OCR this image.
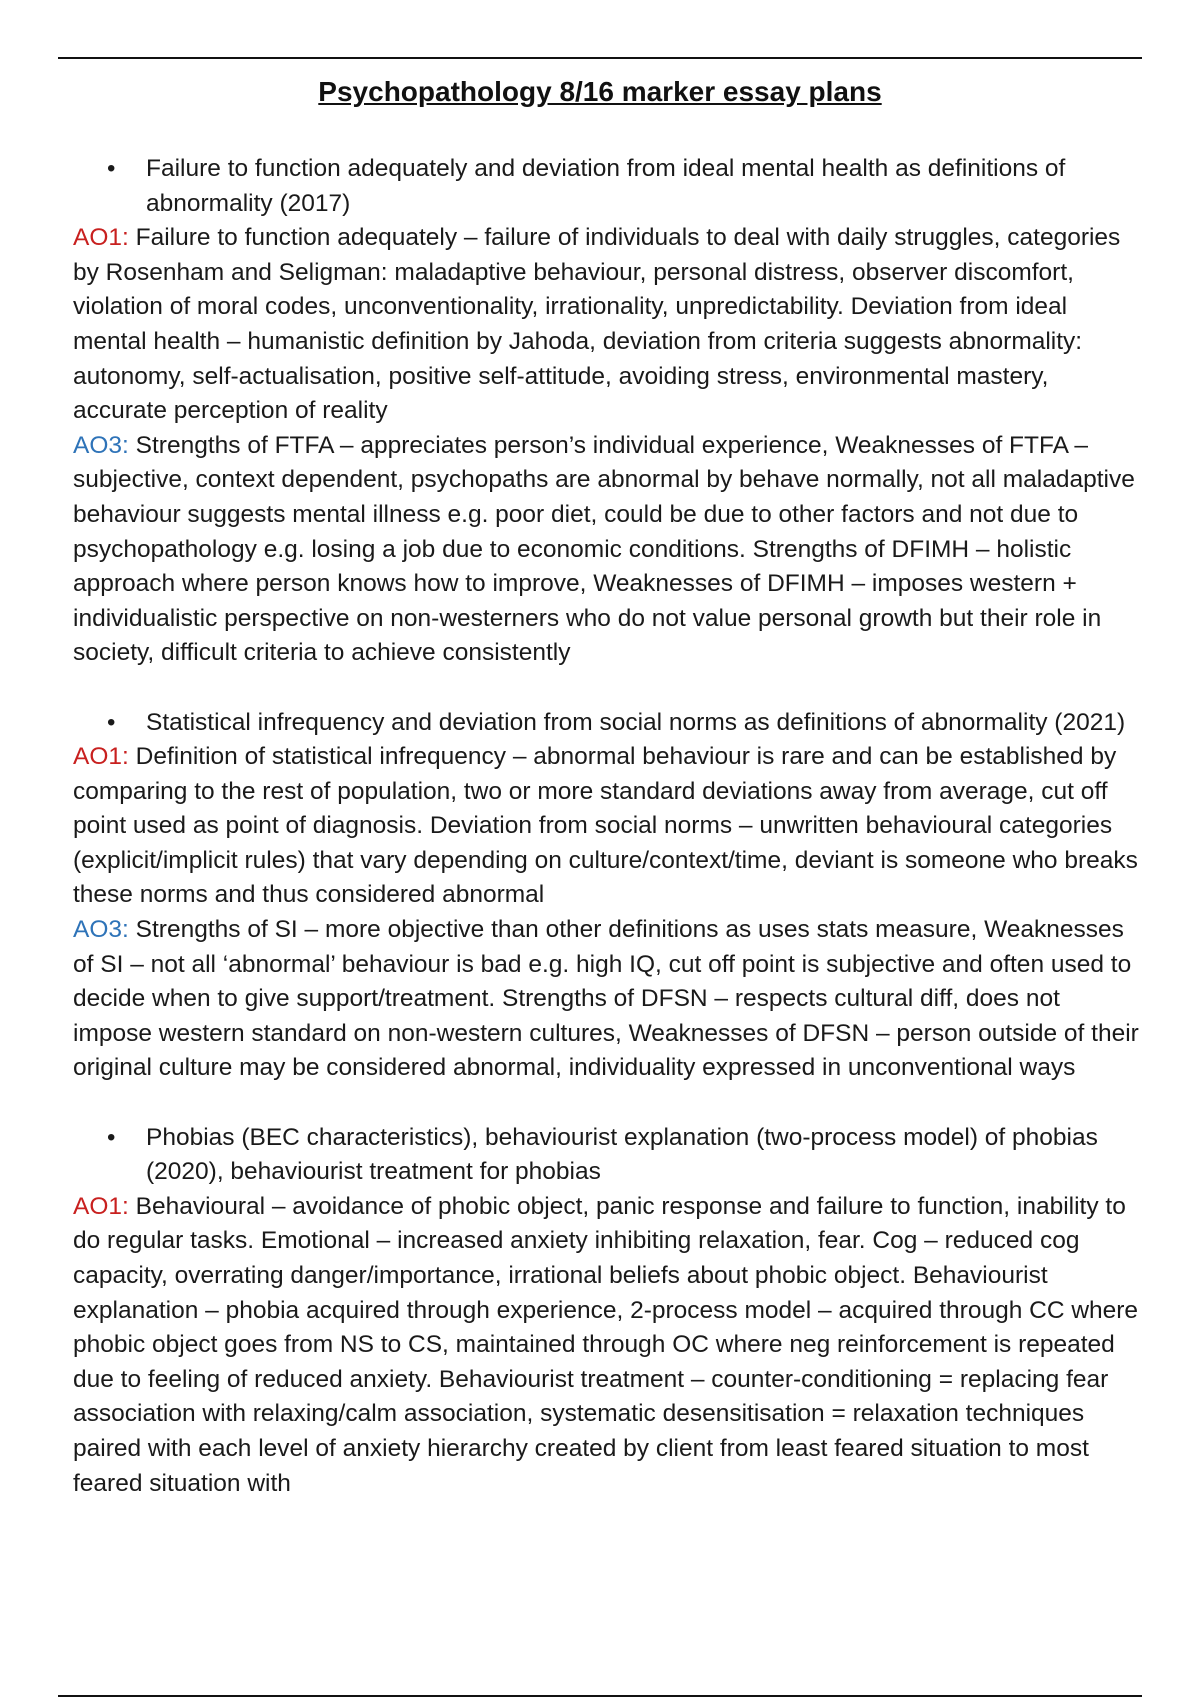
Psychopathology 8/16 marker essay plans

• Failure to function adequately and deviation from ideal mental health as definitions of abnormality (2017)

AO1: Failure to function adequately – failure of individuals to deal with daily struggles, categories by Rosenham and Seligman: maladaptive behaviour, personal distress, observer discomfort, violation of moral codes, unconventionality, irrationality, unpredictability. Deviation from ideal mental health – humanistic definition by Jahoda, deviation from criteria suggests abnormality: autonomy, self-actualisation, positive self-attitude, avoiding stress, environmental mastery, accurate perception of reality

AO3: Strengths of FTFA – appreciates person’s individual experience, Weaknesses of FTFA – subjective, context dependent, psychopaths are abnormal by behave normally, not all maladaptive behaviour suggests mental illness e.g. poor diet, could be due to other factors and not due to psychopathology e.g. losing a job due to economic conditions. Strengths of DFIMH – holistic approach where person knows how to improve, Weaknesses of DFIMH – imposes western + individualistic perspective on non-westerners who do not value personal growth but their role in society, difficult criteria to achieve consistently

• Statistical infrequency and deviation from social norms as definitions of abnormality (2021)

AO1: Definition of statistical infrequency – abnormal behaviour is rare and can be established by comparing to the rest of population, two or more standard deviations away from average, cut off point used as point of diagnosis. Deviation from social norms – unwritten behavioural categories (explicit/implicit rules) that vary depending on culture/context/time, deviant is someone who breaks these norms and thus considered abnormal

AO3: Strengths of SI – more objective than other definitions as uses stats measure, Weaknesses of SI – not all ‘abnormal’ behaviour is bad e.g. high IQ, cut off point is subjective and often used to decide when to give support/treatment. Strengths of DFSN – respects cultural diff, does not impose western standard on non-western cultures, Weaknesses of DFSN – person outside of their original culture may be considered abnormal, individuality expressed in unconventional ways

• Phobias (BEC characteristics), behaviourist explanation (two-process model) of phobias (2020), behaviourist treatment for phobias

AO1: Behavioural – avoidance of phobic object, panic response and failure to function, inability to do regular tasks. Emotional – increased anxiety inhibiting relaxation, fear. Cog – reduced cog capacity, overrating danger/importance, irrational beliefs about phobic object. Behaviourist explanation – phobia acquired through experience, 2-process model – acquired through CC where phobic object goes from NS to CS, maintained through OC where neg reinforcement is repeated due to feeling of reduced anxiety. Behaviourist treatment – counter-conditioning = replacing fear association with relaxing/calm association, systematic desensitisation = relaxation techniques paired with each level of anxiety hierarchy created by client from least feared situation to most feared situation with
